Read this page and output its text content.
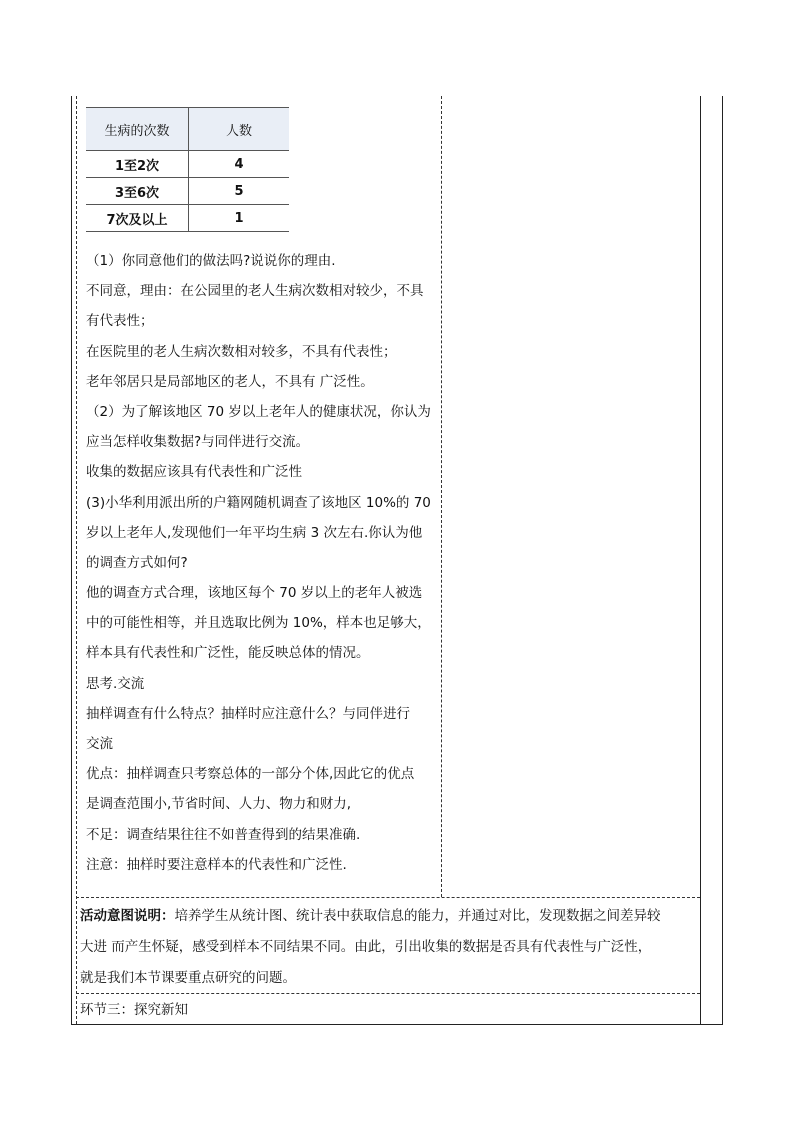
生病的次数	人数
1至2次	4
3至6次	5
7次及以上	1

（1）你同意他们的做法吗?说说你的理由.

不同意，理由：在公园里的老人生病次数相对较少，不具

有代表性；

在医院里的老人生病次数相对较多，不具有代表性；

老年邻居只是局部地区的老人，不具有 广泛性。

（2）为了解该地区 70 岁以上老年人的健康状况，你认为

应当怎样收集数据?与同伴进行交流。

收集的数据应该具有代表性和广泛性

(3)小华利用派出所的户籍网随机调查了该地区 10%的 70

岁以上老年人,发现他们一年平均生病 3 次左右.你认为他

的调查方式如何?

他的调查方式合理，该地区每个 70 岁以上的老年人被选

中的可能性相等，并且选取比例为 10%，样本也足够大，

样本具有代表性和广泛性，能反映总体的情况。

思考.交流

抽样调查有什么特点？抽样时应注意什么？与同伴进行

交流

优点：抽样调查只考察总体的一部分个体,因此它的优点

是调查范围小,节省时间、人力、物力和财力,

不足：调查结果往往不如普查得到的结果准确.

注意：抽样时要注意样本的代表性和广泛性.

活动意图说明：培养学生从统计图、统计表中获取信息的能力，并通过对比，发现数据之间差异较

大进 而产生怀疑，感受到样本不同结果不同。由此，引出收集的数据是否具有代表性与广泛性，

就是我们本节课要重点研究的问题。

环节三：探究新知
